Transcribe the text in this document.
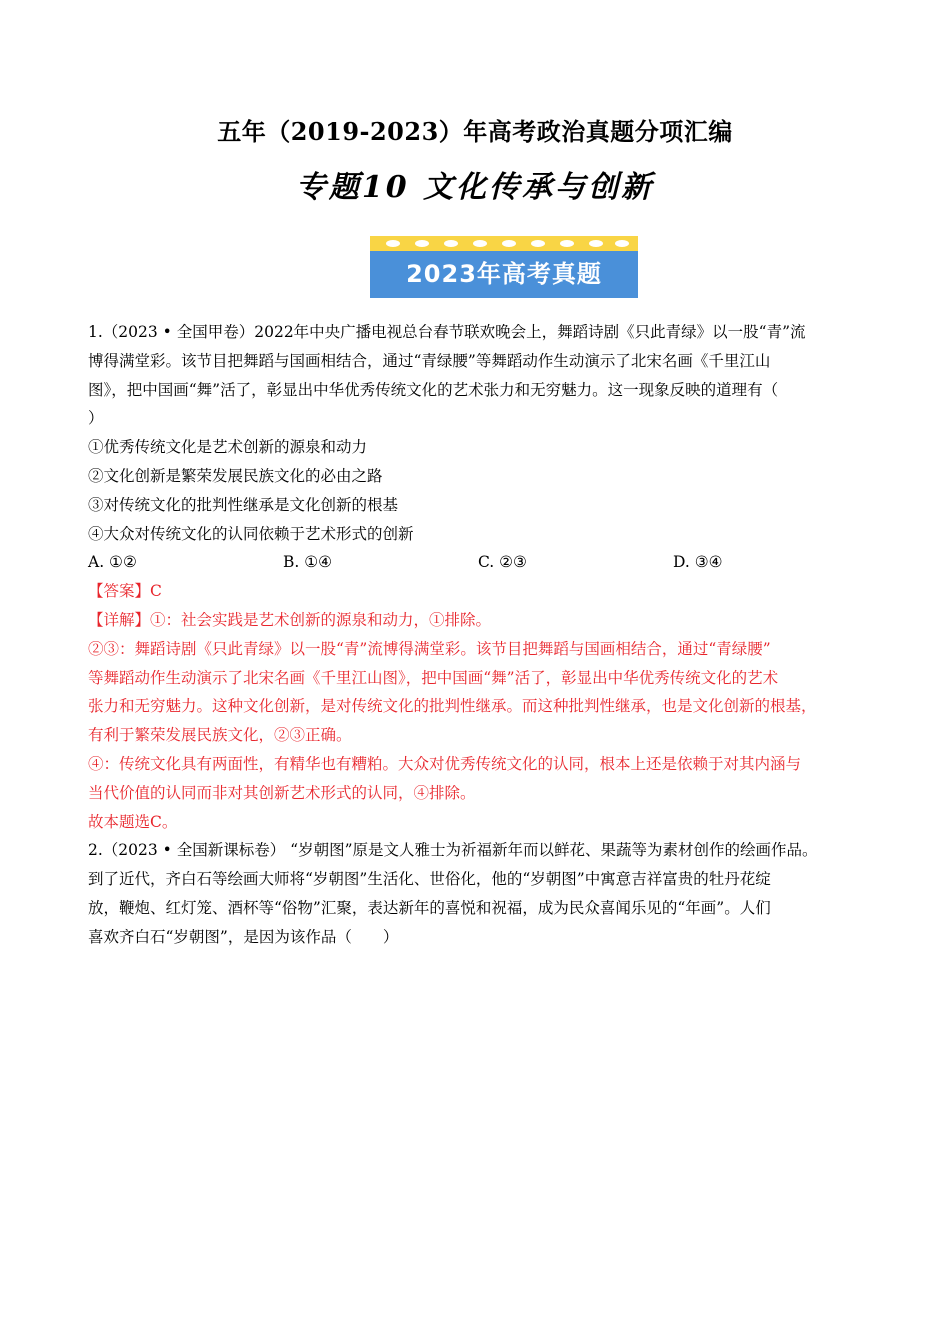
五年（2019-2023）年高考政治真题分项汇编
专题10 文化传承与创新
2023年高考真题

1.（2023 • 全国甲卷）2022年中央广播电视总台春节联欢晚会上，舞蹈诗剧《只此青绿》以一股“青”流

博得满堂彩。该节目把舞蹈与国画相结合，通过“青绿腰”等舞蹈动作生动演示了北宋名画《千里江山

图》，把中国画“舞”活了，彰显出中华优秀传统文化的艺术张力和无穷魅力。这一现象反映的道理有（

）

①优秀传统文化是艺术创新的源泉和动力

②文化创新是繁荣发展民族文化的必由之路

③对传统文化的批判性继承是文化创新的根基

④大众对传统文化的认同依赖于艺术形式的创新

A. ①②	B. ①④	C. ②③	D. ③④

【答案】C

【详解】①：社会实践是艺术创新的源泉和动力，①排除。

②③：舞蹈诗剧《只此青绿》以一股“青”流博得满堂彩。该节目把舞蹈与国画相结合，通过“青绿腰”

等舞蹈动作生动演示了北宋名画《千里江山图》，把中国画“舞”活了，彰显出中华优秀传统文化的艺术

张力和无穷魅力。这种文化创新，是对传统文化的批判性继承。而这种批判性继承，也是文化创新的根基，

有利于繁荣发展民族文化，②③正确。

④：传统文化具有两面性，有精华也有糟粕。大众对优秀传统文化的认同，根本上还是依赖于对其内涵与

当代价值的认同而非对其创新艺术形式的认同，④排除。

故本题选C。

2.（2023 • 全国新课标卷） “岁朝图”原是文人雅士为祈福新年而以鲜花、果蔬等为素材创作的绘画作品。

到了近代，齐白石等绘画大师将“岁朝图”生活化、世俗化，他的“岁朝图”中寓意吉祥富贵的牡丹花绽

放，鞭炮、红灯笼、酒杯等“俗物”汇聚，表达新年的喜悦和祝福，成为民众喜闻乐见的“年画”。人们

喜欢齐白石“岁朝图”，是因为该作品（　　）
